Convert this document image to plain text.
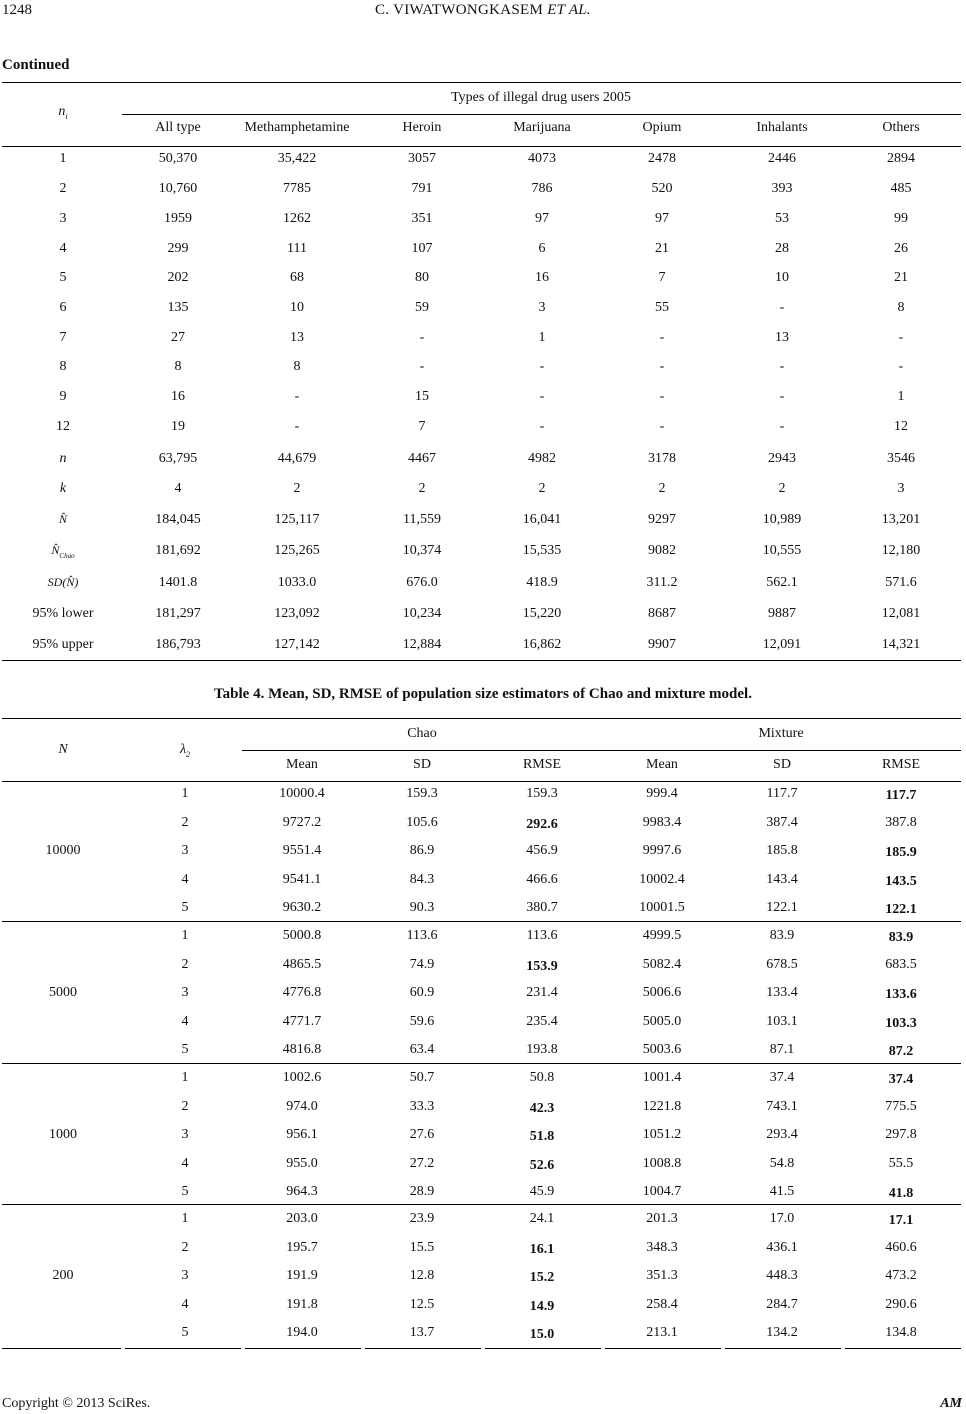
1248	C. VIWATWONGKASEM ET AL.
Continued
$n_i$
Types of illegal drug users 2005
All type	Methamphetamine	Heroin	Marijuana	Opium	Inhalants	Others
1	50,370	35,422	3057	4073	2478	2446	2894
2	10,760	7785	791	786	520	393	485
3	1959	1262	351	97	97	53	99
4	299	111	107	6	21	28	26
5	202	68	80	16	7	10	21
6	135	10	59	3	55	-	8
7	27	13	-	1	-	13	-
8	8	8	-	-	-	-	-
9	16	-	15	-	-	-	1
12	19	-	7	-	-	-	12
n	63,795	44,679	4467	4982	3178	2943	3546
k	4	2	2	2	2	2	3
N̂	184,045	125,117	11,559	16,041	9297	10,989	13,201
$N̂_{Chao}$	181,692	125,265	10,374	15,535	9082	10,555	12,180
SD(N̂)	1401.8	1033.0	676.0	418.9	311.2	562.1	571.6
95% lower	181,297	123,092	10,234	15,220	8687	9887	12,081
95% upper	186,793	127,142	12,884	16,862	9907	12,091	14,321
Table 4. Mean, SD, RMSE of population size estimators of Chao and mixture model.
N	$\lambda_2$
Chao	Mixture
Mean	SD	RMSE	Mean	SD	RMSE
10000
1	10000.4	159.3	159.3	999.4	117.7	117.7
2	9727.2	105.6	292.6	9983.4	387.4	387.8
3	9551.4	86.9	456.9	9997.6	185.8	185.9
4	9541.1	84.3	466.6	10002.4	143.4	143.5
5	9630.2	90.3	380.7	10001.5	122.1	122.1
5000
1	5000.8	113.6	113.6	4999.5	83.9	83.9
2	4865.5	74.9	153.9	5082.4	678.5	683.5
3	4776.8	60.9	231.4	5006.6	133.4	133.6
4	4771.7	59.6	235.4	5005.0	103.1	103.3
5	4816.8	63.4	193.8	5003.6	87.1	87.2
1000
1	1002.6	50.7	50.8	1001.4	37.4	37.4
2	974.0	33.3	42.3	1221.8	743.1	775.5
3	956.1	27.6	51.8	1051.2	293.4	297.8
4	955.0	27.2	52.6	1008.8	54.8	55.5
5	964.3	28.9	45.9	1004.7	41.5	41.8
200
1	203.0	23.9	24.1	201.3	17.0	17.1
2	195.7	15.5	16.1	348.3	436.1	460.6
3	191.9	12.8	15.2	351.3	448.3	473.2
4	191.8	12.5	14.9	258.4	284.7	290.6
5	194.0	13.7	15.0	213.1	134.2	134.8
Copyright © 2013 SciRes.	AM
